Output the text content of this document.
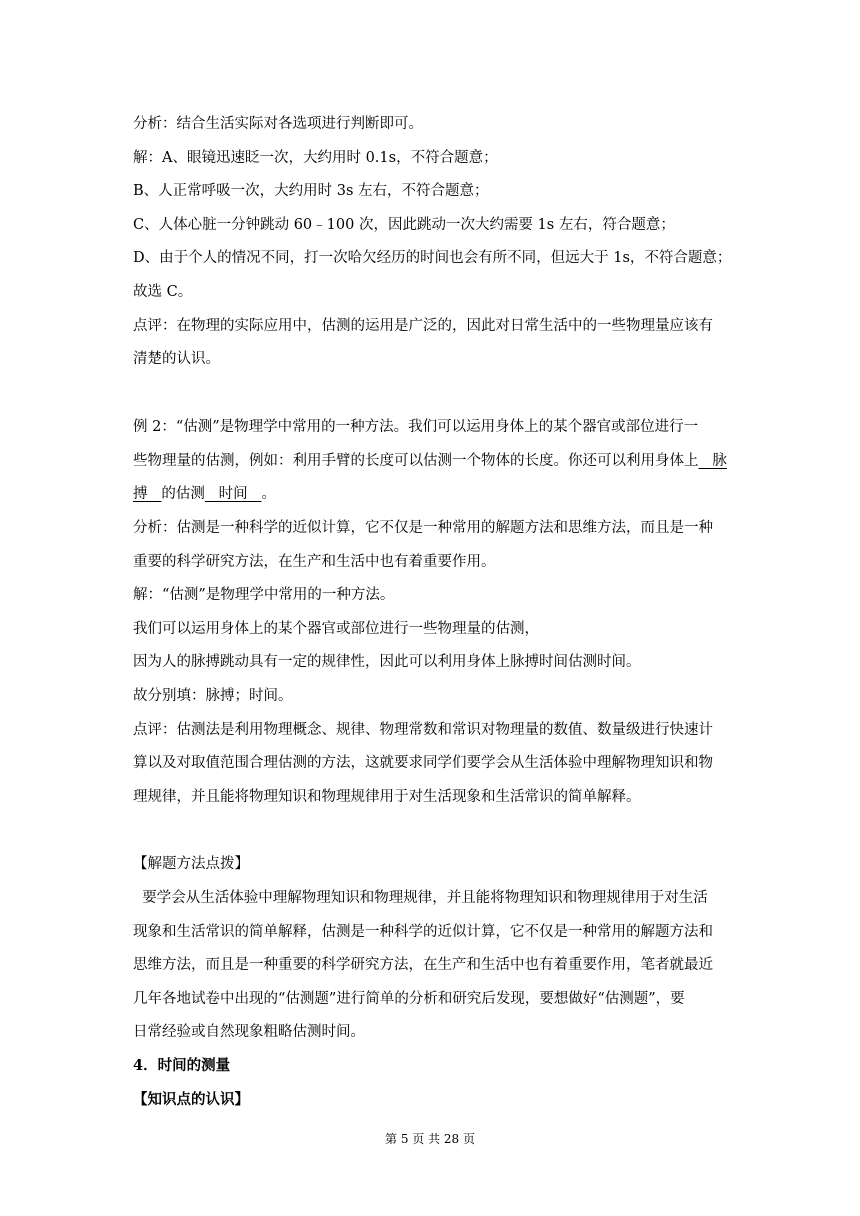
分析：结合生活实际对各选项进行判断即可。
解：A、眼镜迅速眨一次，大约用时 0.1s，不符合题意；
B、人正常呼吸一次，大约用时 3s 左右，不符合题意；
C、人体心脏一分钟跳动 60﹣100 次，因此跳动一次大约需要 1s 左右，符合题意；
D、由于个人的情况不同，打一次哈欠经历的时间也会有所不同，但远大于 1s，不符合题意；
故选 C。
点评：在物理的实际应用中，估测的运用是广泛的，因此对日常生活中的一些物理量应该有
清楚的认识。
例 2：“估测”是物理学中常用的一种方法。我们可以运用身体上的某个器官或部位进行一
些物理量的估测，例如：利用手臂的长度可以估测一个物体的长度。你还可以利用身体上   脉
搏   的估测   时间   。
分析：估测是一种科学的近似计算，它不仅是一种常用的解题方法和思维方法，而且是一种
重要的科学研究方法，在生产和生活中也有着重要作用。
解：“估测”是物理学中常用的一种方法。
我们可以运用身体上的某个器官或部位进行一些物理量的估测，
因为人的脉搏跳动具有一定的规律性，因此可以利用身体上脉搏时间估测时间。
故分别填：脉搏；时间。
点评：估测法是利用物理概念、规律、物理常数和常识对物理量的数值、数量级进行快速计
算以及对取值范围合理估测的方法，这就要求同学们要学会从生活体验中理解物理知识和物
理规律，并且能将物理知识和物理规律用于对生活现象和生活常识的简单解释。
【解题方法点拨】
要学会从生活体验中理解物理知识和物理规律，并且能将物理知识和物理规律用于对生活
现象和生活常识的简单解释，估测是一种科学的近似计算，它不仅是一种常用的解题方法和
思维方法，而且是一种重要的科学研究方法，在生产和生活中也有着重要作用，笔者就最近
几年各地试卷中出现的“估测题”进行简单的分析和研究后发现，要想做好“估测题”，要
日常经验或自然现象粗略估测时间。
4．时间的测量
【知识点的认识】
第 5 页 共 28 页
